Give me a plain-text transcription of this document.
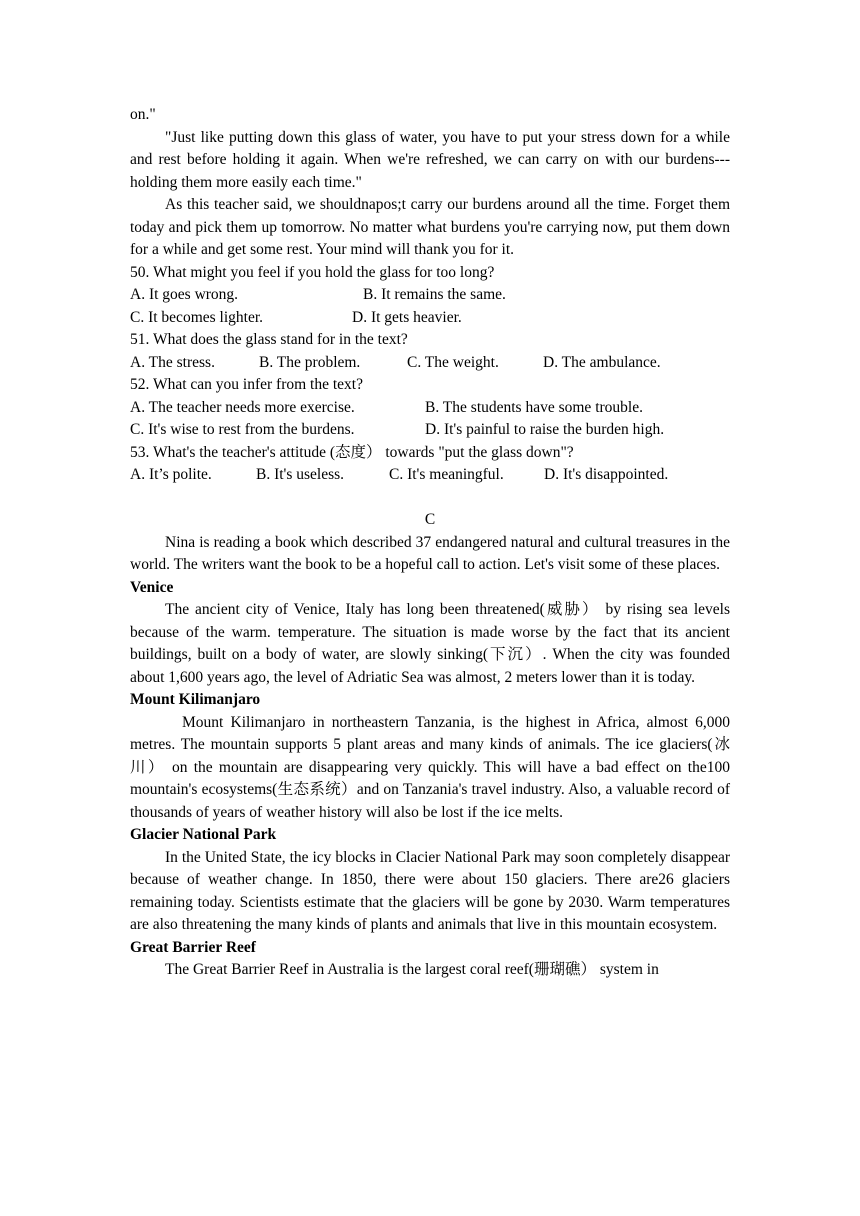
on."

"Just like putting down this glass of water, you have to put your stress down for a while and rest before holding it again. When we're refreshed, we can carry on with our burdens---holding them more easily each time."

As this teacher said, we shouldnapos;t carry our burdens around all the time. Forget them today and pick them up tomorrow. No matter what burdens you're carrying now, put them down for a while and get some rest. Your mind will thank you for it.

50. What might you feel if you hold the glass for too long?

A. It goes wrong.	B. It remains the same.
C. It becomes lighter.	D. It gets heavier.

51. What does the glass stand for in the text?

A. The stress.	B. The problem.	C. The weight.	D. The ambulance.

52. What can you infer from the text?

A. The teacher needs more exercise.	B. The students have some trouble.
C. It's wise to rest from the burdens.	D. It's painful to raise the burden high.

53. What's the teacher's attitude (态度） towards "put the glass down"?

A. It’s polite.	B. It's useless.	C. It's meaningful.	D. It's disappointed.

C

Nina is reading a book which described 37 endangered natural and cultural treasures in the world. The writers want the book to be a hopeful call to action. Let's visit some of these places.

Venice

The ancient city of Venice, Italy has long been threatened(威胁） by rising sea levels because of the warm. temperature. The situation is made worse by the fact that its ancient buildings, built on a body of water, are slowly sinking(下沉）. When the city was founded about 1,600 years ago, the level of Adriatic Sea was almost, 2 meters lower than it is today.

Mount Kilimanjaro

Mount Kilimanjaro in northeastern Tanzania, is the highest in Africa, almost 6,000 metres. The mountain supports 5 plant areas and many kinds of animals. The ice glaciers(冰川） on the mountain are disappearing very quickly. This will have a bad effect on the100 mountain's ecosystems(生态系统）and on Tanzania's travel industry. Also, a valuable record of thousands of years of weather history will also be lost if the ice melts.

Glacier National Park

In the United State, the icy blocks in Clacier National Park may soon completely disappear because of weather change. In 1850, there were about 150 glaciers. There are26 glaciers remaining today. Scientists estimate that the glaciers will be gone by 2030. Warm temperatures are also threatening the many kinds of plants and animals that live in this mountain ecosystem.

Great Barrier Reef

The Great Barrier Reef in Australia is the largest coral reef(珊瑚礁） system in
